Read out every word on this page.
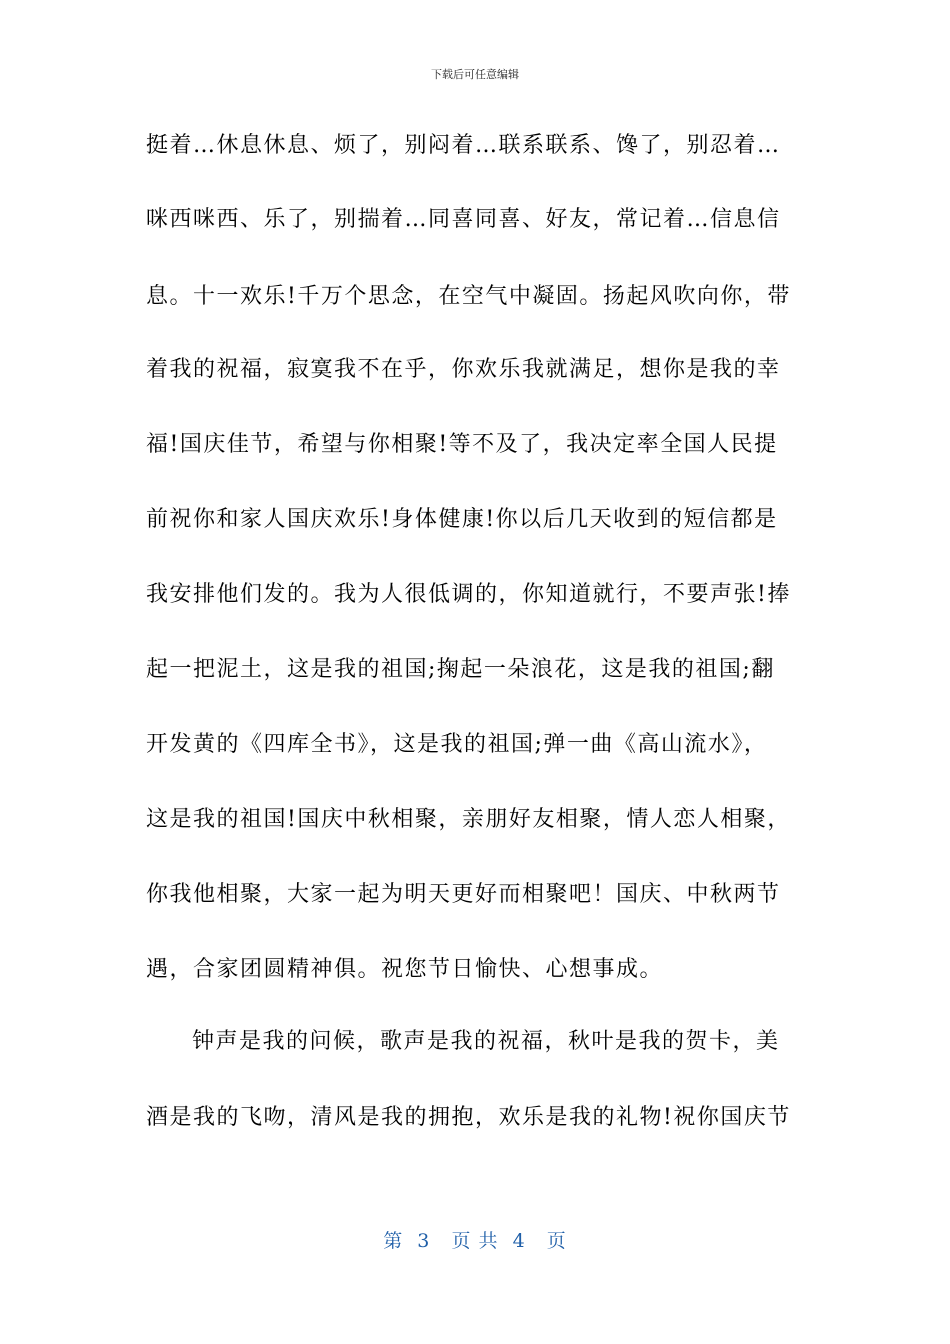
下载后可任意编辑
挺着…休息休息、烦了，别闷着…联系联系、馋了，别忍着…
咪西咪西、乐了，别揣着…同喜同喜、好友，常记着…信息信
息。十一欢乐!千万个思念，在空气中凝固。扬起风吹向你，带
着我的祝福，寂寞我不在乎，你欢乐我就满足，想你是我的幸
福!国庆佳节，希望与你相聚!等不及了，我决定率全国人民提
前祝你和家人国庆欢乐!身体健康!你以后几天收到的短信都是
我安排他们发的。我为人很低调的，你知道就行，不要声张!捧
起一把泥土，这是我的祖国;掬起一朵浪花，这是我的祖国;翻
开发黄的《四库全书》，这是我的祖国;弹一曲《高山流水》，
这是我的祖国!国庆中秋相聚，亲朋好友相聚，情人恋人相聚，
你我他相聚，大家一起为明天更好而相聚吧！国庆、中秋两节
遇，合家团圆精神俱。祝您节日愉快、心想事成。
钟声是我的问候，歌声是我的祝福，秋叶是我的贺卡，美
酒是我的飞吻，清风是我的拥抱，欢乐是我的礼物!祝你国庆节
第  3   页 共  4   页
